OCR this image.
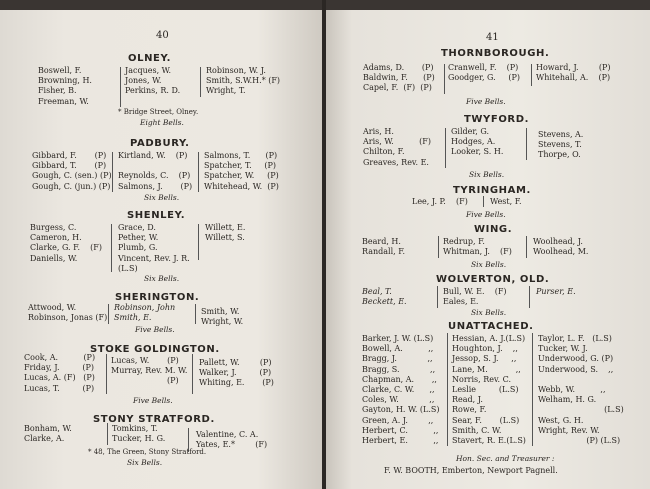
40
OLNEY.
Boswell, F.
Browning, H.
Fisher, B.
Freeman, W.
Jacques, W.
Jones, W.
Perkins, R. D.
Robinson, W. J.
Smith, S.W.H.* (F)
Wright, T.
* Bridge Street, Olney.
Eight Bells.
PADBURY.
Gibbard, F.       (P)
Gibbard, T.       (P)
Gough, C. (sen.) (P)
Gough, C. (jun.) (P)
Kirtland, W.    (P)
Reynolds, C.    (P)
Salmons, J.       (P)
Salmons, T.      (P)
Spatcher, T.     (P)
Spatcher, W.     (P)
Whitehead, W.  (P)
Six Bells.
SHENLEY.
Burgess, C.
Cameron, H.
Clarke, G. F.    (F)
Daniells, W.
Grace, D.
Pether, W.
Plumb, G.
Vincent, Rev. J. R.
(L.S)
Willett, E.
Willett, S.
Six Bells.
SHERINGTON.
Attwood, W.
Robinson, Jonas (F)
Robinson, John
Smith, E.
Smith, W.
Wright, W.
Five Bells.
STOKE GOLDINGTON.
Cook, A.          (P)
Friday, J.         (P)
Lucas, A. (F)   (P)
Lucas, T.         (P)
Lucas, W.       (P)
Murray, Rev. M. W.
(P)
Pallett, W.        (P)
Walker, J.         (P)
Whiting, E.       (P)
Five Bells.
STONY STRATFORD.
Bonham, W.
Clarke, A.
Tomkins, T.
Tucker, H. G.	Valentine, C. A.
Yates, E.*        (F)
* 48, The Green, Stony Stratford.
Six Bells.
41
THORNBOROUGH.
Adams, D.       (P)
Baldwin, F.      (P)
Capel, F.  (F)  (P)
Cranwell, F.    (P)
Goodger, G.     (P)
Howard, J.        (P)
Whitehall, A.    (P)
Five Bells.
TWYFORD.
Aris, H.
Aris, W.          (F)
Chilton, F.
Greaves, Rev. E.
Gilder, G.
Hodges, A.
Looker, S. H.
Stevens, A.
Stevens, T.
Thorpe, O.
Six Bells.
TYRINGHAM.
Lee, J. P.    (F)	West, F.
Five Bells.
WING.
Beard, H.
Randall, F.
Redrup, F.
Whitman, J.    (F)
Woolhead, J.
Woolhead, M.
Six Bells.
WOLVERTON, OLD.
Beal, T.
Beckett, E.
Bull, W. E.    (F)
Eales, E.
Purser, E.
Six Bells.
UNATTACHED.
Barker, J. W. (L.S)
Bowell, A.          ,,
Bragg, J.            ,,
Bragg, S.            ,,
Chapman, A.       ,,
Clarke, C. W.      ,,
Coles, W.            ,,
Gayton, H. W. (L.S)
Green, A. J.        ,,
Herbert, C.          ,,
Herbert, E.          ,,
Hessian, A. J.(L.S)
Houghton, J.    ,,
Jessop, S. J.     ,,
Lane, M.           ,,
Norris, Rev. C.
Leslie         (L.S)
Read, J.
Rowe, F.
Sear, F.       (L.S)
Smith, C. W.
Stavert, R. E.(L.S)
Taylor, L. F.   (L.S)
Tucker, W. J.
Underwood, G. (P)
Underwood, S.    ,,
Webb, W.          ,,
Welham, H. G.
(L.S)
West, G. H.
Wright, Rev. W.
(P) (L.S)
Hon. Sec. and Treasurer :
F. W. BOOTH, Emberton, Newport Pagnell.
